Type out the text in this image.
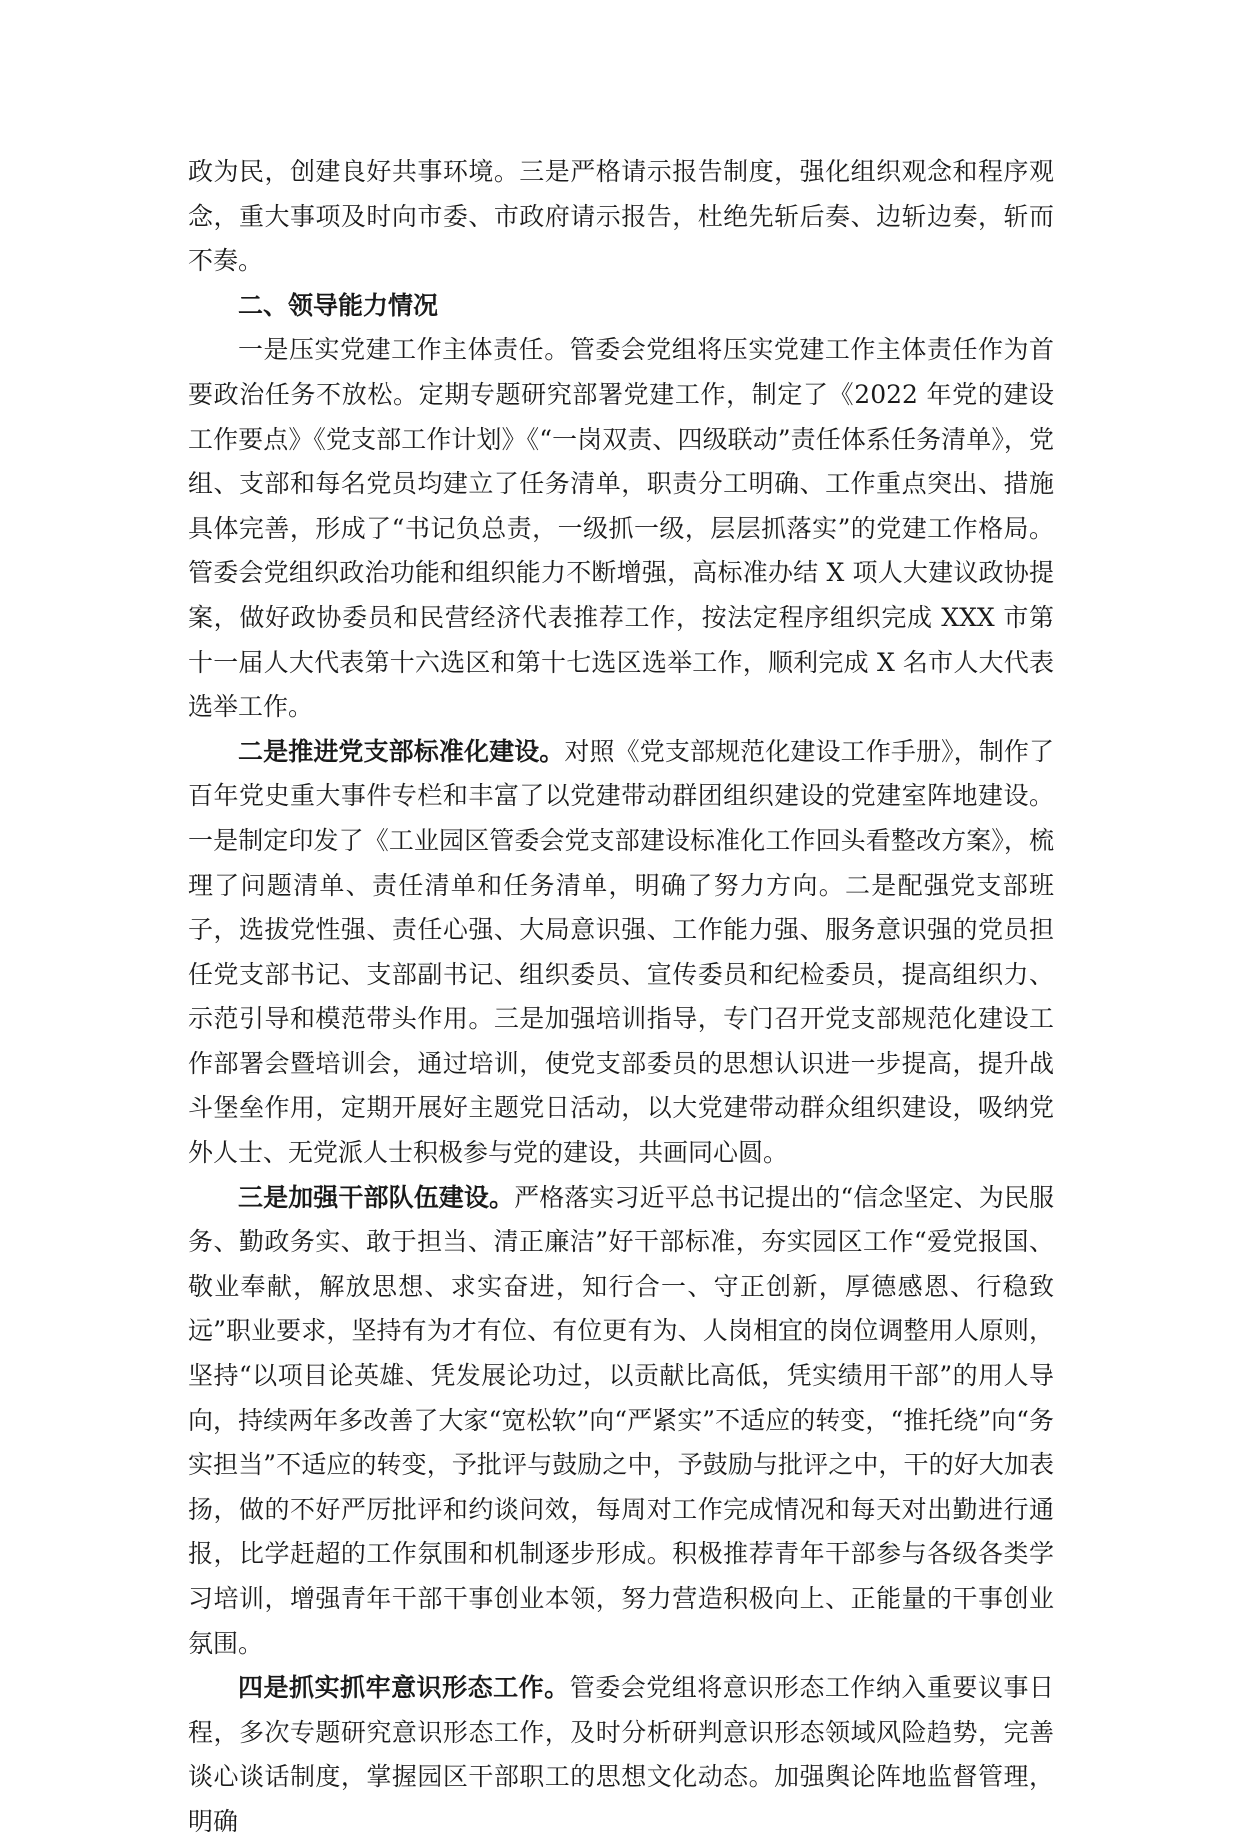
政为民，创建良好共事环境。三是严格请示报告制度，强化组织观念和程序观念，重大事项及时向市委、市政府请示报告，杜绝先斩后奏、边斩边奏，斩而不奏。

二、领导能力情况

一是压实党建工作主体责任。管委会党组将压实党建工作主体责任作为首要政治任务不放松。定期专题研究部署党建工作，制定了《2022 年党的建设工作要点》《党支部工作计划》《“一岗双责、四级联动”责任体系任务清单》，党组、支部和每名党员均建立了任务清单，职责分工明确、工作重点突出、措施具体完善，形成了“书记负总责，一级抓一级，层层抓落实”的党建工作格局。管委会党组织政治功能和组织能力不断增强，高标准办结 X 项人大建议政协提案，做好政协委员和民营经济代表推荐工作，按法定程序组织完成 XXX 市第十一届人大代表第十六选区和第十七选区选举工作，顺利完成 X 名市人大代表选举工作。

二是推进党支部标准化建设。对照《党支部规范化建设工作手册》，制作了百年党史重大事件专栏和丰富了以党建带动群团组织建设的党建室阵地建设。一是制定印发了《工业园区管委会党支部建设标准化工作回头看整改方案》，梳理了问题清单、责任清单和任务清单，明确了努力方向。二是配强党支部班子，选拔党性强、责任心强、大局意识强、工作能力强、服务意识强的党员担任党支部书记、支部副书记、组织委员、宣传委员和纪检委员，提高组织力、示范引导和模范带头作用。三是加强培训指导，专门召开党支部规范化建设工作部署会暨培训会，通过培训，使党支部委员的思想认识进一步提高，提升战斗堡垒作用，定期开展好主题党日活动，以大党建带动群众组织建设，吸纳党外人士、无党派人士积极参与党的建设，共画同心圆。

三是加强干部队伍建设。严格落实习近平总书记提出的“信念坚定、为民服务、勤政务实、敢于担当、清正廉洁”好干部标准，夯实园区工作“爱党报国、敬业奉献，解放思想、求实奋进，知行合一、守正创新，厚德感恩、行稳致远”职业要求，坚持有为才有位、有位更有为、人岗相宜的岗位调整用人原则，坚持“以项目论英雄、凭发展论功过，以贡献比高低，凭实绩用干部”的用人导向，持续两年多改善了大家“宽松软”向“严紧实”不适应的转变，“推托绕”向“务实担当”不适应的转变，予批评与鼓励之中，予鼓励与批评之中，干的好大加表扬，做的不好严厉批评和约谈问效，每周对工作完成情况和每天对出勤进行通报，比学赶超的工作氛围和机制逐步形成。积极推荐青年干部参与各级各类学习培训，增强青年干部干事创业本领，努力营造积极向上、正能量的干事创业氛围。

四是抓实抓牢意识形态工作。管委会党组将意识形态工作纳入重要议事日程，多次专题研究意识形态工作，及时分析研判意识形态领域风险趋势，完善谈心谈话制度，掌握园区干部职工的思想文化动态。加强舆论阵地监督管理，明确
